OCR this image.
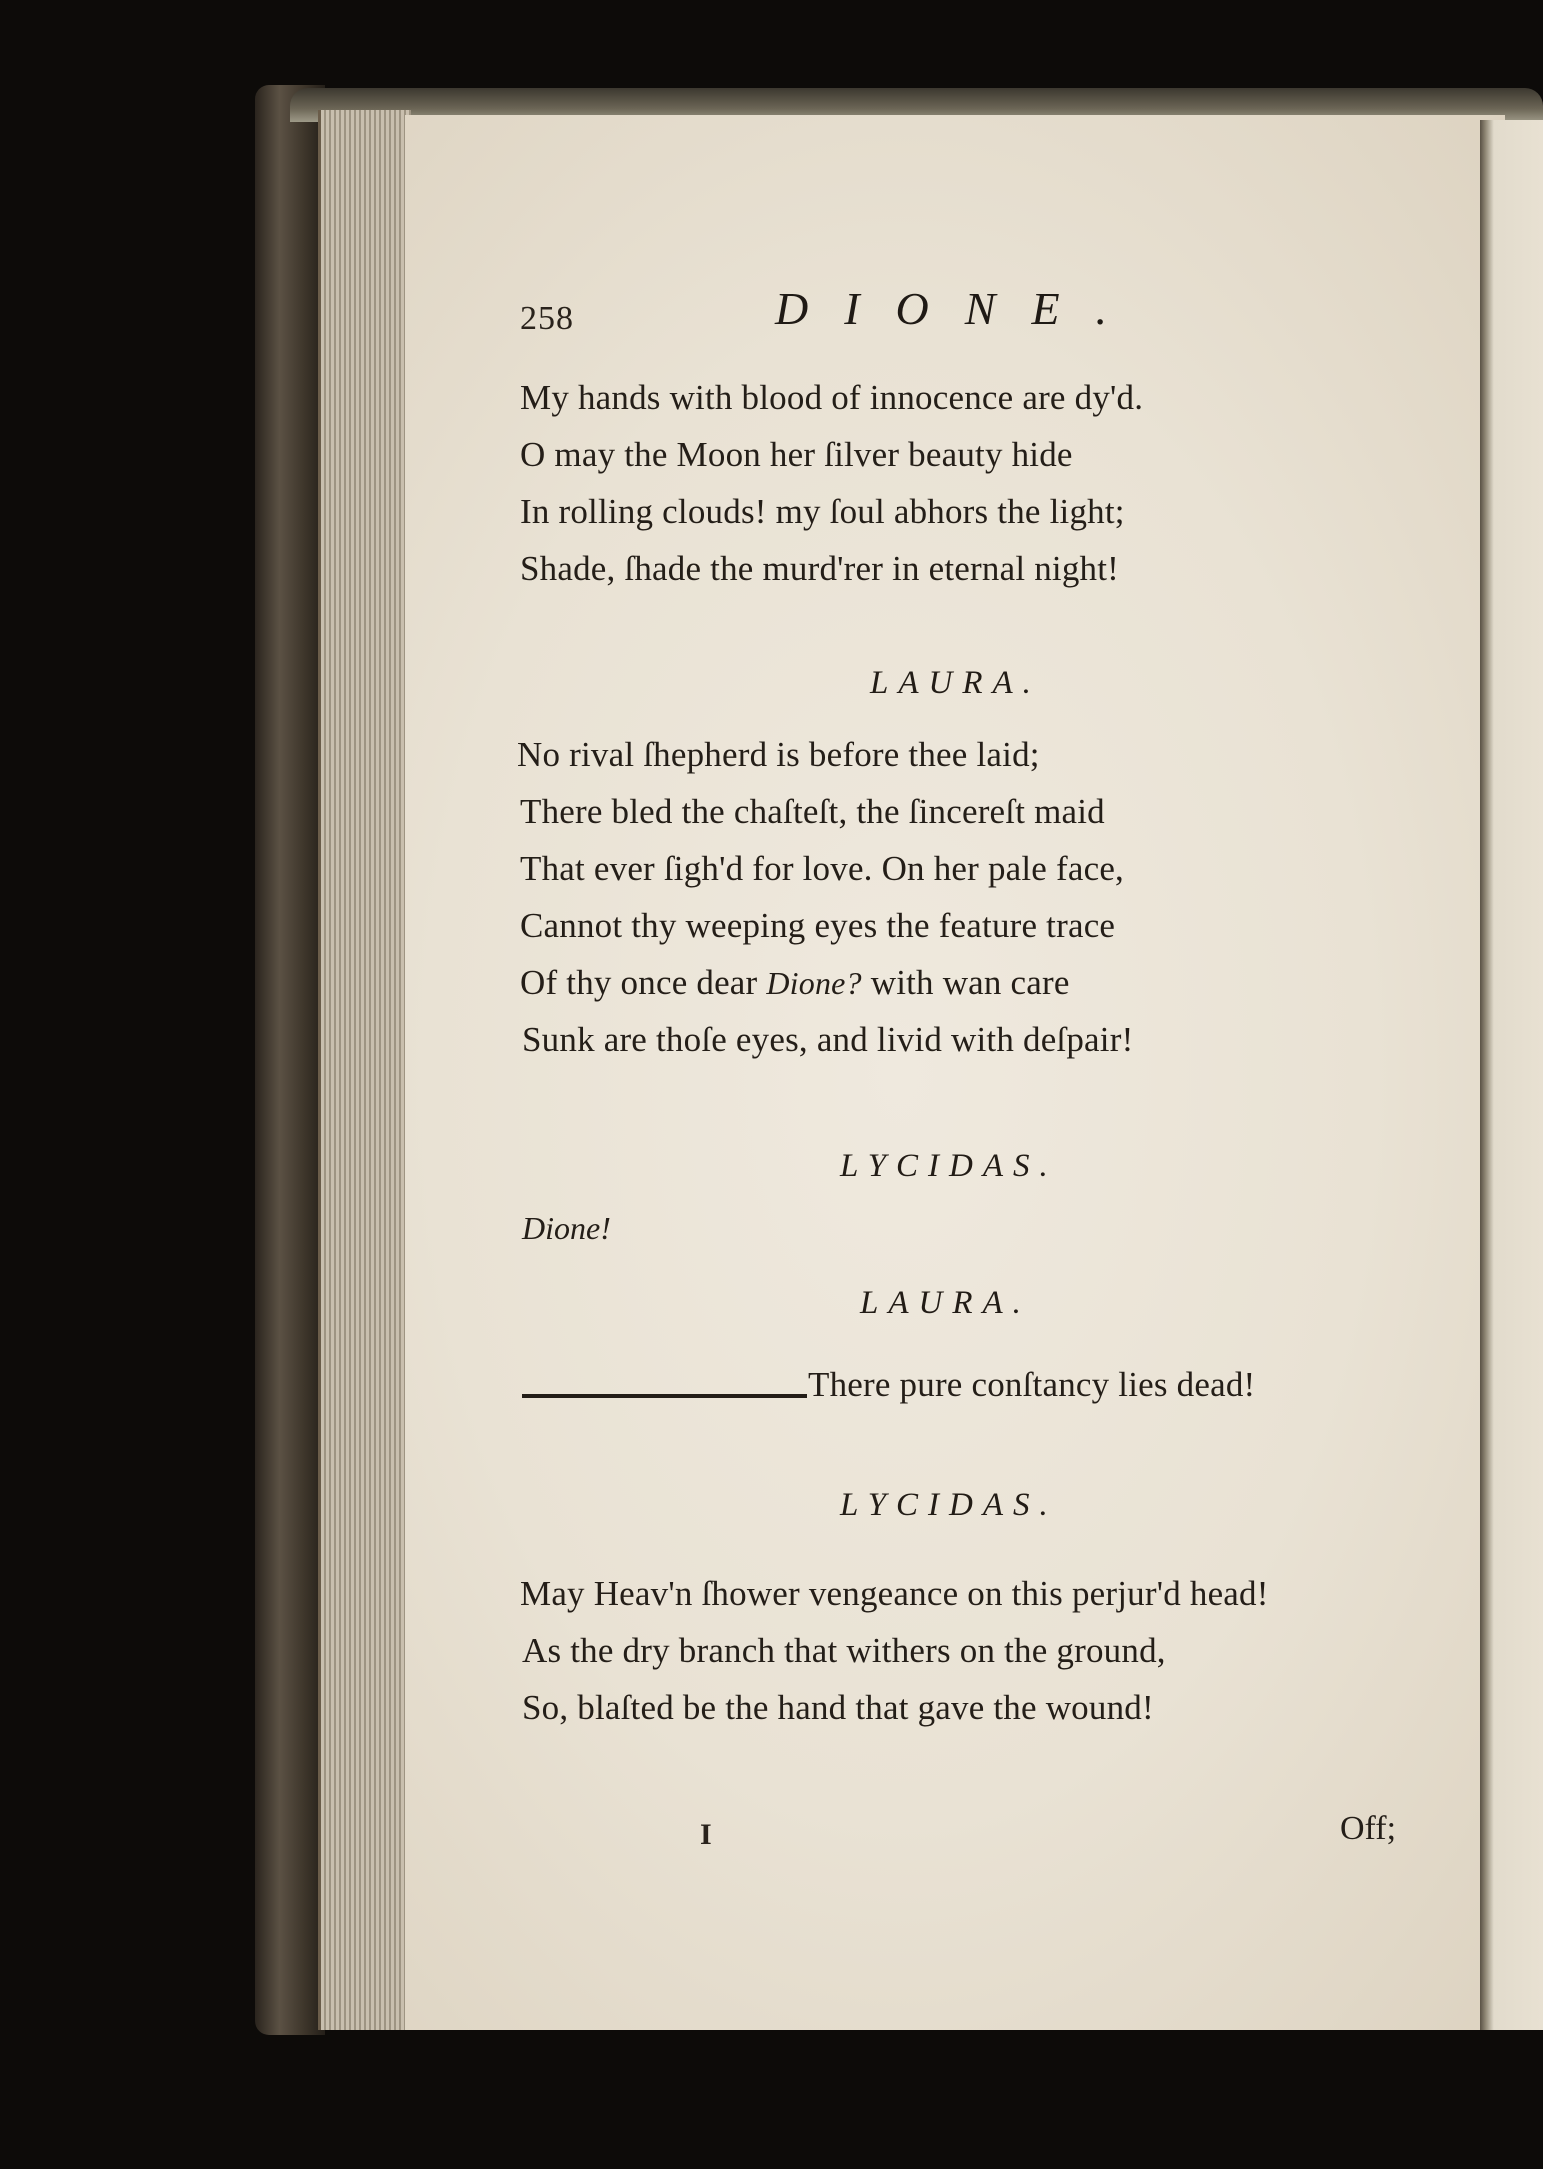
258	DIONE.
My hands with blood of innocence are dy'd.
O may the Moon her ſilver beauty hide
In rolling clouds! my ſoul abhors the light;
Shade, ſhade the murd'rer in eternal night!
LAURA.
No rival ſhepherd is before thee laid;
There bled the chaſteſt, the ſincereſt maid
That ever ſigh'd for love. On her pale face,
Cannot thy weeping eyes the feature trace
Of thy once dear Dione? with wan care
Sunk are thoſe eyes, and livid with deſpair!
LYCIDAS.
Dione!
LAURA.
There pure conſtancy lies dead!
LYCIDAS.
May Heav'n ſhower vengeance on this perjur'd head!
As the dry branch that withers on the ground,
So, blaſted be the hand that gave the wound!
I	Off;
